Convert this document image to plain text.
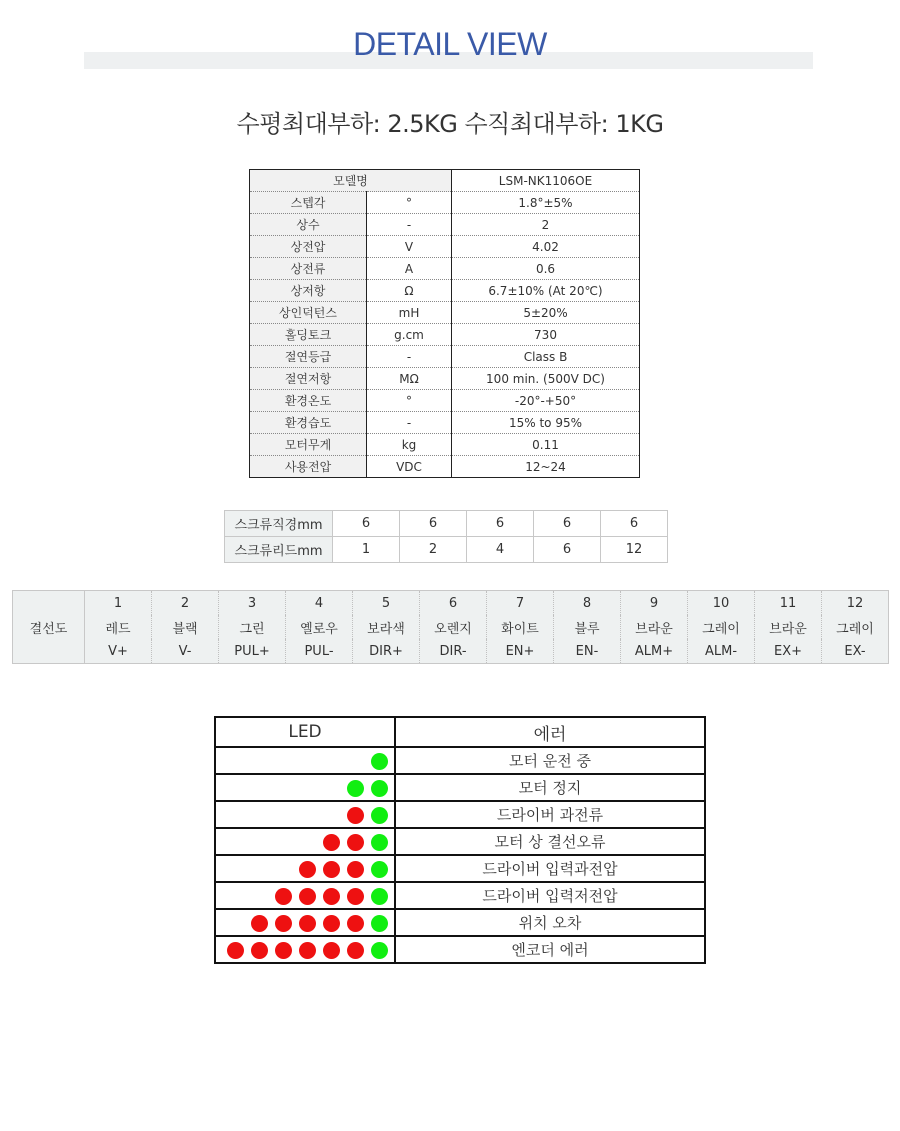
DETAIL VIEW
수평최대부하: 2.5KG 수직최대부하: 1KG
모델명		LSM-NK1106OE
스텝각	°	1.8°±5%
상수	-	2
상전압	V	4.02
상전류	A	0.6
상저항	Ω	6.7±10% (At 20℃)
상인덕턴스	mH	5±20%
홀딩토크	g.cm	730
절연등급	-	Class B
절연저항	MΩ	100 min. (500V DC)
환경온도	°	-20°-+50°
환경습도	-	15% to 95%
모터무게	kg	0.11
사용전압	VDC	12~24
스크류직경mm	6	6	6	6	6
스크류리드mm	1	2	4	6	12
결선도	1	2	3	4	5	6	7	8	9	10	11	12
	레드	블랙	그린	옐로우	보라색	오렌지	화이트	블루	브라운	그레이	브라운	그레이
	V+	V-	PUL+	PUL-	DIR+	DIR-	EN+	EN-	ALM+	ALM-	EX+	EX-
LED	에러
	모터 운전 중
	모터 정지
	드라이버 과전류
	모터 상 결선오류
	드라이버 입력과전압
	드라이버 입력저전압
	위치 오차
	엔코더 에러
